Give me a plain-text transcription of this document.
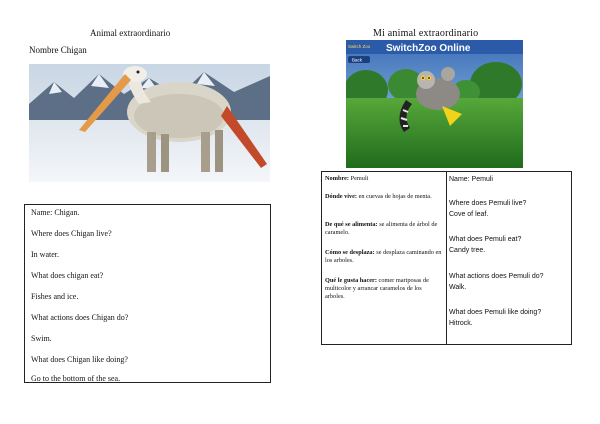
Animal extraordinario
Nombre Chigan
Name: Chigan.
Where does Chigan live?
In water.
What does chigan eat?
Fishes and ice.
What actions does Chigan do?
Swim.
What does Chigan like doing?
Go to the bottom of the sea.
Mi animal extraordinario
SwitchZoo Online
Switch Zoo
Back
Nombre: Pemuli
Dónde vive: en cuevas de hojas de menta.
De qué se alimenta: se alimenta de árbol de caramelo.
Cómo se desplaza: se desplaza caminando en los arboles.
Qué le gusta hacer: comer mariposas de multicolor y arrancar caramelos de los arboles.
Name: Pemuli
Where does Pemuli live?
Cove of leaf.
What does Pemuli eat?
Candy tree.
What actions does Pemuli do?
Walk.
What does Pemuli like doing?
Hitrock.
